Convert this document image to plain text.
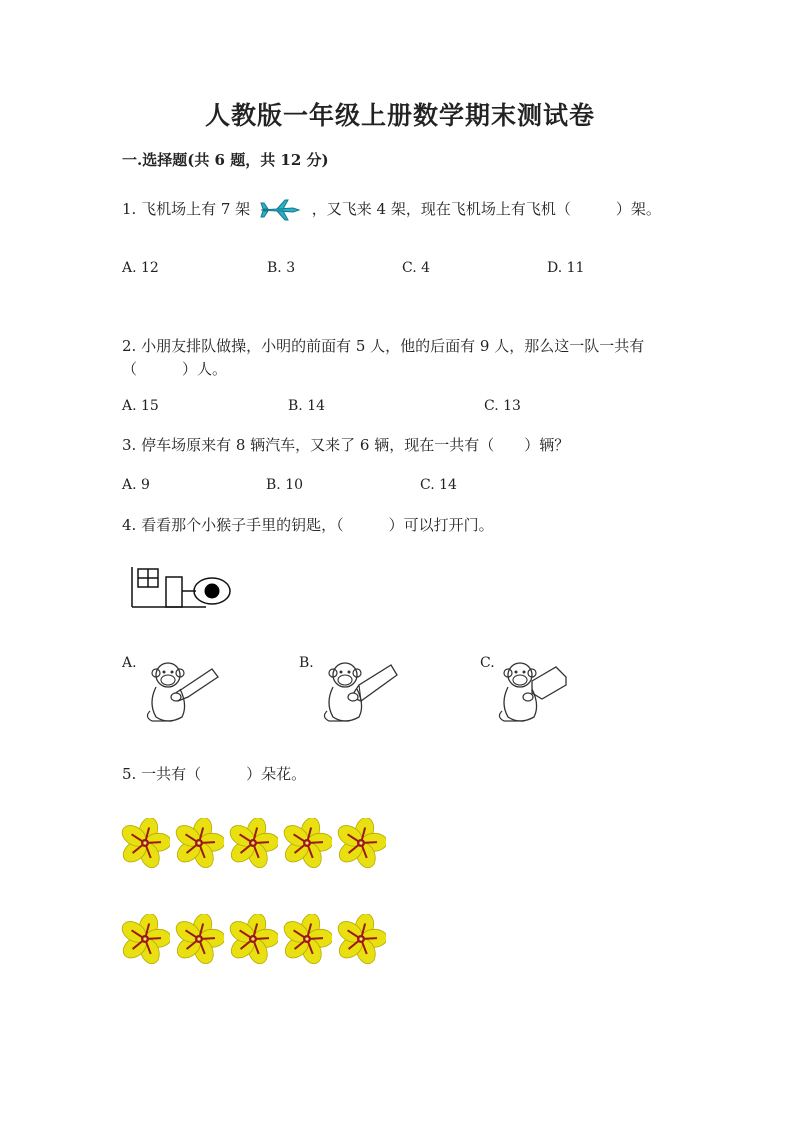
人教版一年级上册数学期末测试卷
一.选择题(共 6 题，共 12 分)
1. 飞机场上有 7 架	，又飞来 4 架，现在飞机场上有飞机（　　　）架。
A. 12	B. 3	C. 4	D. 11
2. 小朋友排队做操，小明的前面有 5 人，他的后面有 9 人，那么这一队一共有
（　　　）人。
A. 15	B. 14	C. 13
3. 停车场原来有 8 辆汽车，又来了 6 辆，现在一共有（　　）辆？
A. 9	B. 10	C. 14
4. 看看那个小猴子手里的钥匙，（　　　）可以打开门。
A.	B.	C.
5. 一共有（　　　）朵花。
